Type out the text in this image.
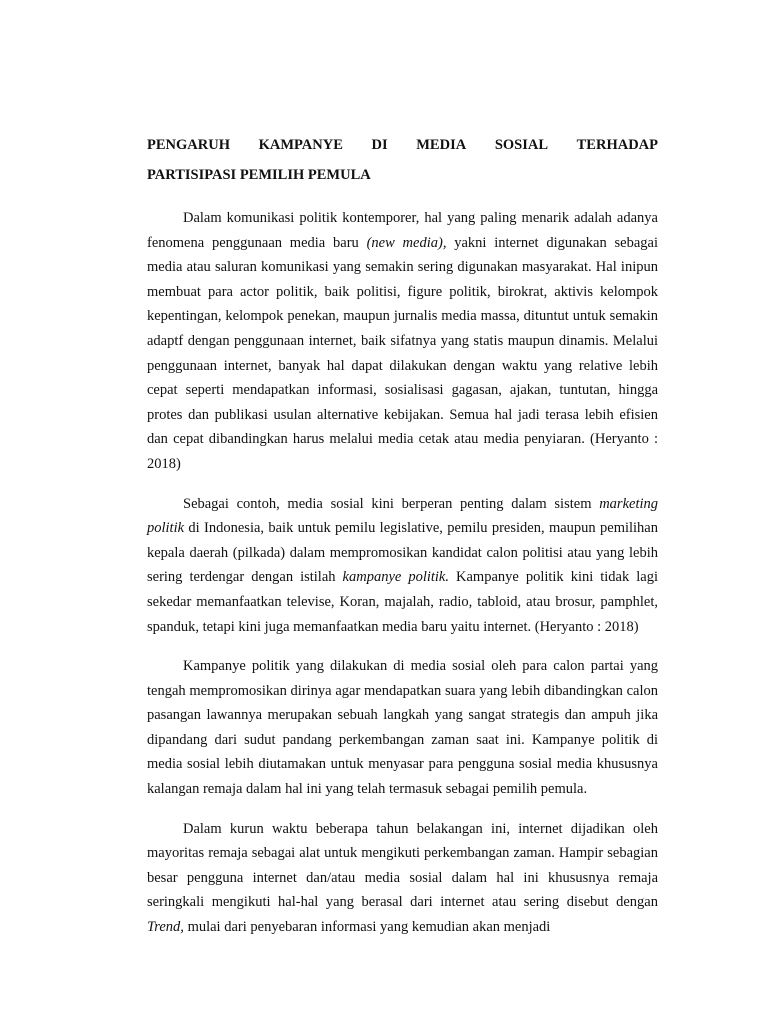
PENGARUH KAMPANYE DI MEDIA SOSIAL TERHADAP
PARTISIPASI PEMILIH PEMULA

Dalam komunikasi politik kontemporer, hal yang paling menarik adalah adanya fenomena penggunaan media baru (new media), yakni internet digunakan sebagai media atau saluran komunikasi yang semakin sering digunakan masyarakat. Hal inipun membuat para actor politik, baik politisi, figure politik, birokrat, aktivis kelompok kepentingan, kelompok penekan, maupun jurnalis media massa, dituntut untuk semakin adaptf dengan penggunaan internet, baik sifatnya yang statis maupun dinamis. Melalui penggunaan internet, banyak hal dapat dilakukan dengan waktu yang relative lebih cepat seperti mendapatkan informasi, sosialisasi gagasan, ajakan, tuntutan, hingga protes dan publikasi usulan alternative kebijakan. Semua hal jadi terasa lebih efisien dan cepat dibandingkan harus melalui media cetak atau media penyiaran. (Heryanto : 2018)

Sebagai contoh, media sosial kini berperan penting dalam sistem marketing politik di Indonesia, baik untuk pemilu legislative, pemilu presiden, maupun pemilihan kepala daerah (pilkada) dalam mempromosikan kandidat calon politisi atau yang lebih sering terdengar dengan istilah kampanye politik. Kampanye politik kini tidak lagi sekedar memanfaatkan televise, Koran, majalah, radio, tabloid, atau brosur, pamphlet, spanduk, tetapi kini juga memanfaatkan media baru yaitu internet. (Heryanto : 2018)

Kampanye politik yang dilakukan di media sosial oleh para calon partai yang tengah mempromosikan dirinya agar mendapatkan suara yang lebih dibandingkan calon pasangan lawannya merupakan sebuah langkah yang sangat strategis dan ampuh jika dipandang dari sudut pandang perkembangan zaman saat ini. Kampanye politik di media sosial lebih diutamakan untuk menyasar para pengguna sosial media khususnya kalangan remaja dalam hal ini yang telah termasuk sebagai pemilih pemula.

Dalam kurun waktu beberapa tahun belakangan ini, internet dijadikan oleh mayoritas remaja sebagai alat untuk mengikuti perkembangan zaman. Hampir sebagian besar pengguna internet dan/atau media sosial dalam hal ini khususnya remaja seringkali mengikuti hal-hal yang berasal dari internet atau sering disebut dengan Trend, mulai dari penyebaran informasi yang kemudian akan menjadi
